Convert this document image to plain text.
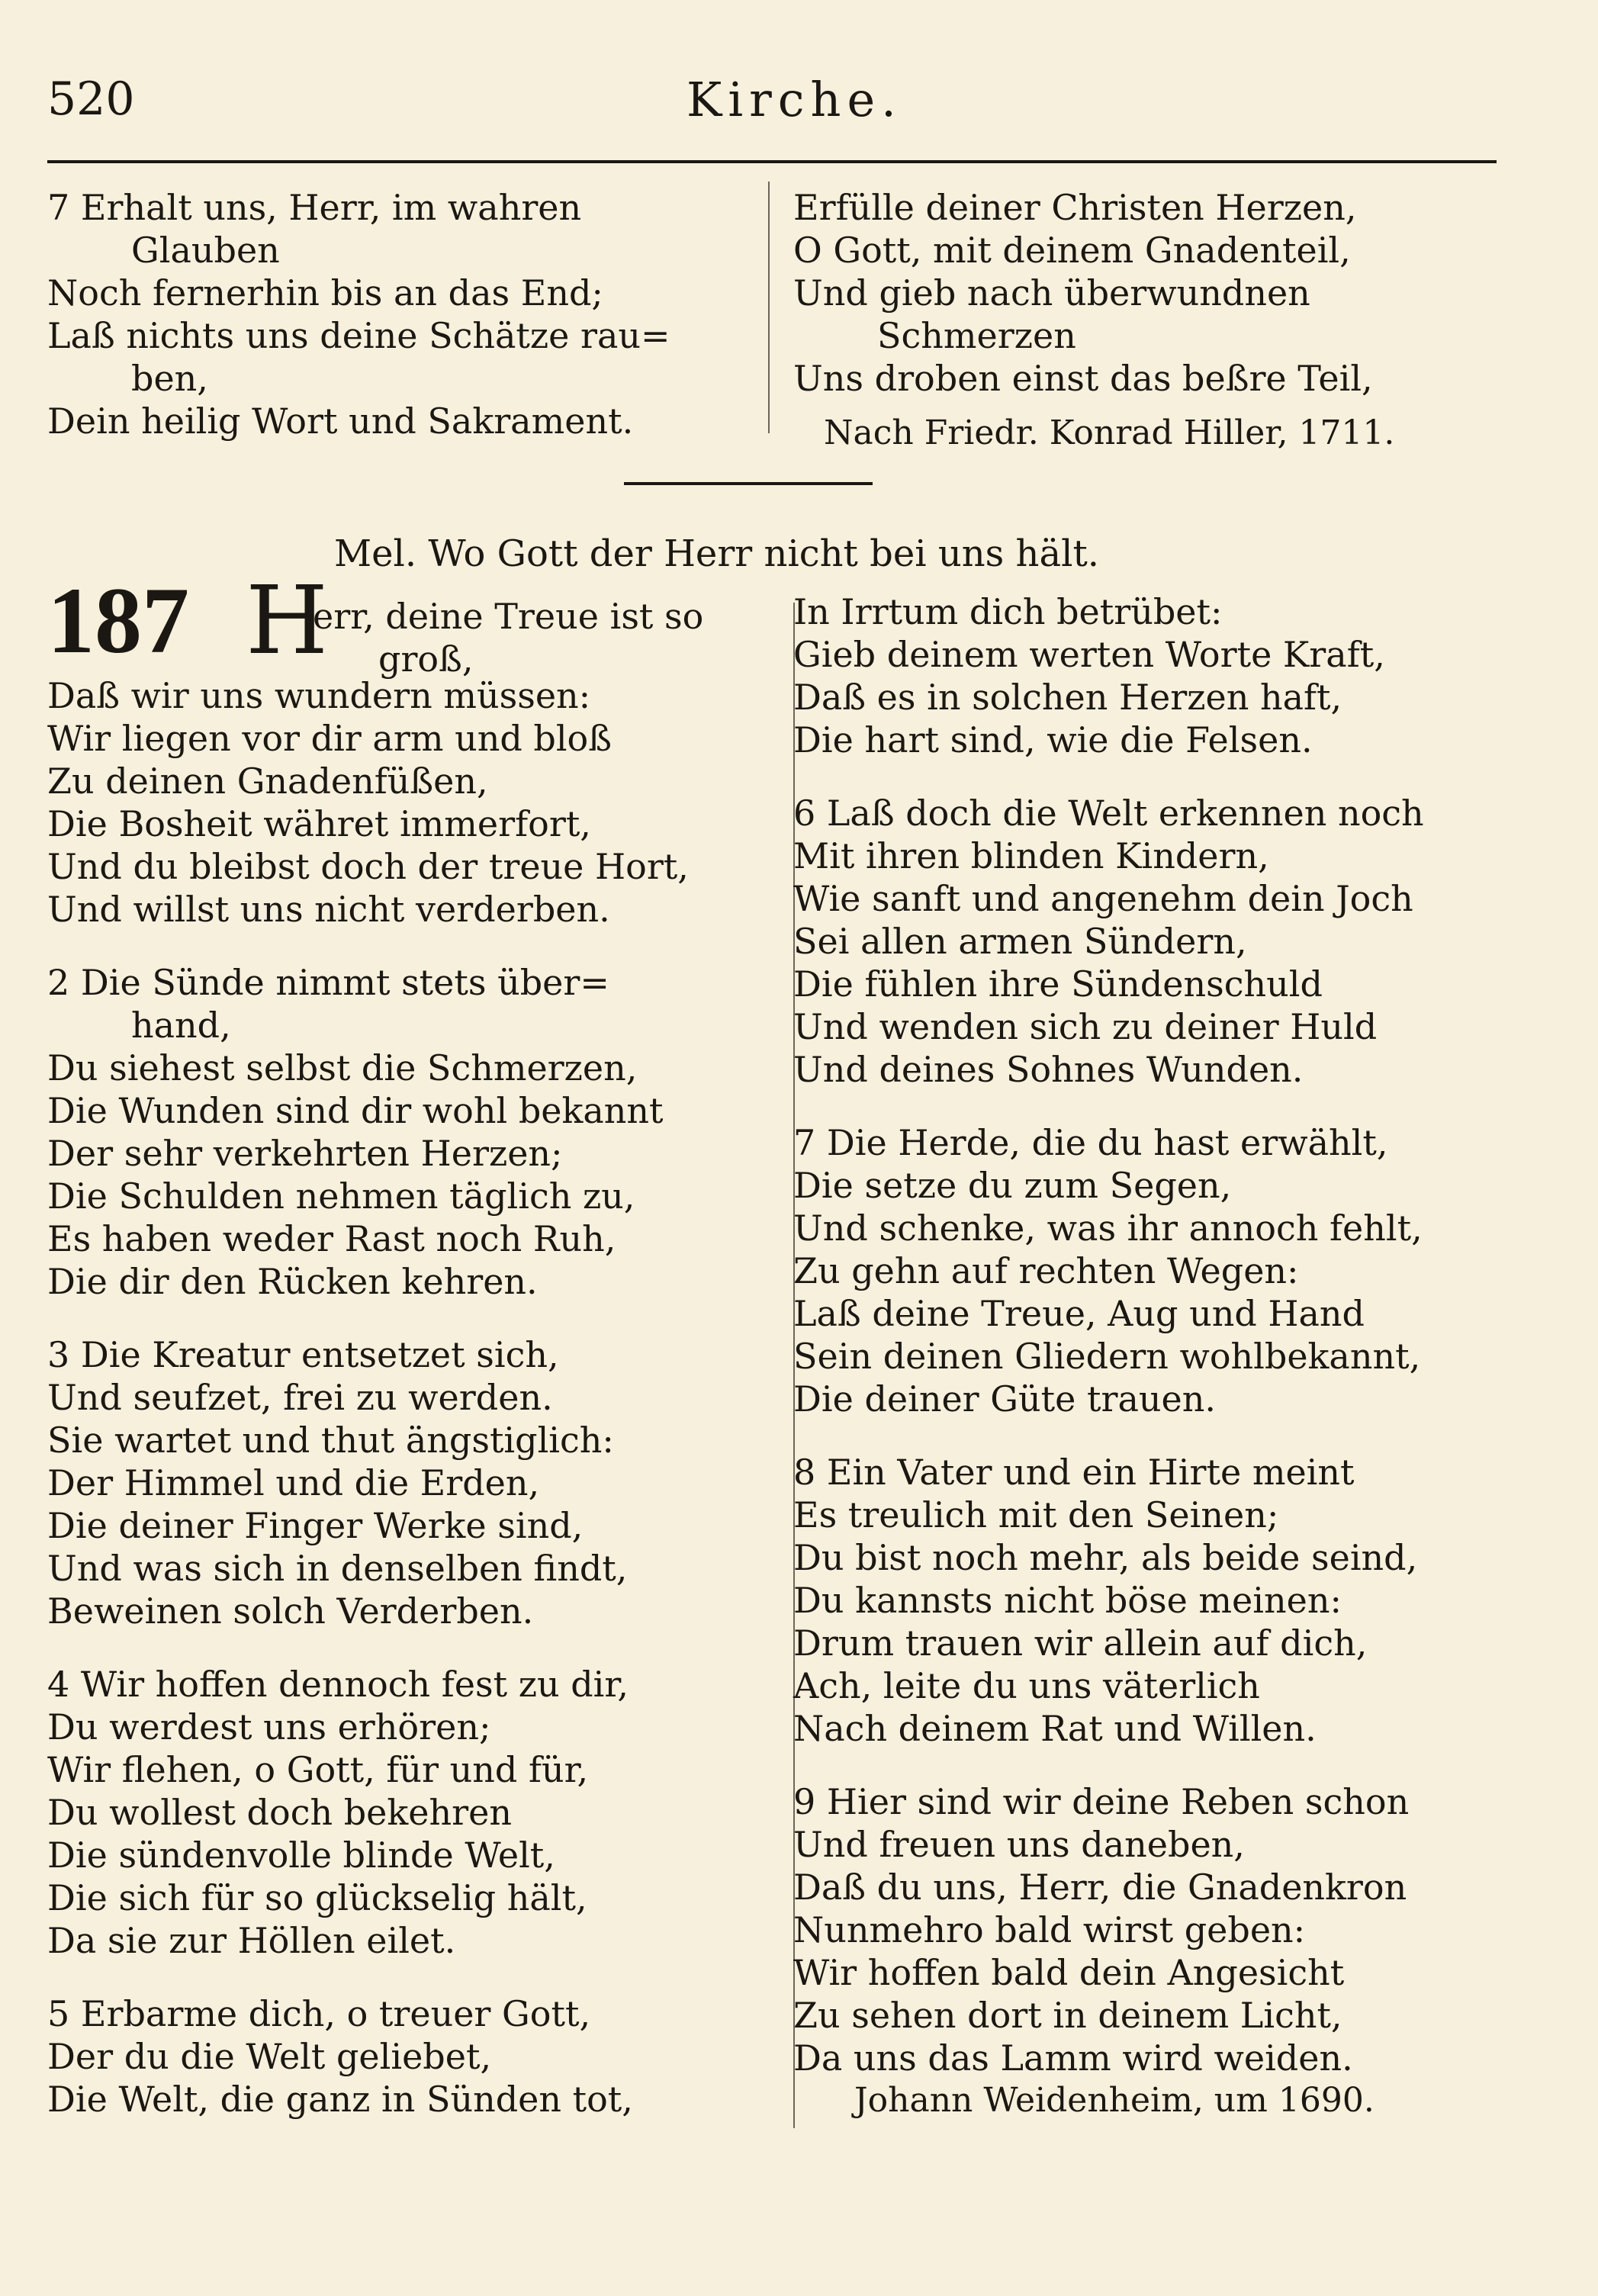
520	Kirche.
7 Erhalt uns, Herr, im wahren
Glauben
Noch fernerhin bis an das End;
Laß nichts uns deine Schätze rau=
ben,
Dein heilig Wort und Sakrament.
Erfülle deiner Christen Herzen,
O Gott, mit deinem Gnadenteil,
Und gieb nach überwundnen
Schmerzen
Uns droben einst das beßre Teil,
Nach Friedr. Konrad Hiller, 1711.
Mel. Wo Gott der Herr nicht bei uns hält.
187 H
err, deine Treue ist so
groß,
Daß wir uns wundern müssen:
Wir liegen vor dir arm und bloß
Zu deinen Gnadenfüßen,
Die Bosheit währet immerfort,
Und du bleibst doch der treue Hort,
Und willst uns nicht verderben.
2 Die Sünde nimmt stets über=
hand,
Du siehest selbst die Schmerzen,
Die Wunden sind dir wohl bekannt
Der sehr verkehrten Herzen;
Die Schulden nehmen täglich zu,
Es haben weder Rast noch Ruh,
Die dir den Rücken kehren.
3 Die Kreatur entsetzet sich,
Und seufzet, frei zu werden.
Sie wartet und thut ängstiglich:
Der Himmel und die Erden,
Die deiner Finger Werke sind,
Und was sich in denselben findt,
Beweinen solch Verderben.
4 Wir hoffen dennoch fest zu dir,
Du werdest uns erhören;
Wir flehen, o Gott, für und für,
Du wollest doch bekehren
Die sündenvolle blinde Welt,
Die sich für so glückselig hält,
Da sie zur Höllen eilet.
5 Erbarme dich, o treuer Gott,
Der du die Welt geliebet,
Die Welt, die ganz in Sünden tot,
In Irrtum dich betrübet:
Gieb deinem werten Worte Kraft,
Daß es in solchen Herzen haft,
Die hart sind, wie die Felsen.
6 Laß doch die Welt erkennen noch
Mit ihren blinden Kindern,
Wie sanft und angenehm dein Joch
Sei allen armen Sündern,
Die fühlen ihre Sündenschuld
Und wenden sich zu deiner Huld
Und deines Sohnes Wunden.
7 Die Herde, die du hast erwählt,
Die setze du zum Segen,
Und schenke, was ihr annoch fehlt,
Zu gehn auf rechten Wegen:
Laß deine Treue, Aug und Hand
Sein deinen Gliedern wohlbekannt,
Die deiner Güte trauen.
8 Ein Vater und ein Hirte meint
Es treulich mit den Seinen;
Du bist noch mehr, als beide seind,
Du kannsts nicht böse meinen:
Drum trauen wir allein auf dich,
Ach, leite du uns väterlich
Nach deinem Rat und Willen.
9 Hier sind wir deine Reben schon
Und freuen uns daneben,
Daß du uns, Herr, die Gnadenkron
Nunmehro bald wirst geben:
Wir hoffen bald dein Angesicht
Zu sehen dort in deinem Licht,
Da uns das Lamm wird weiden.
Johann Weidenheim, um 1690.
